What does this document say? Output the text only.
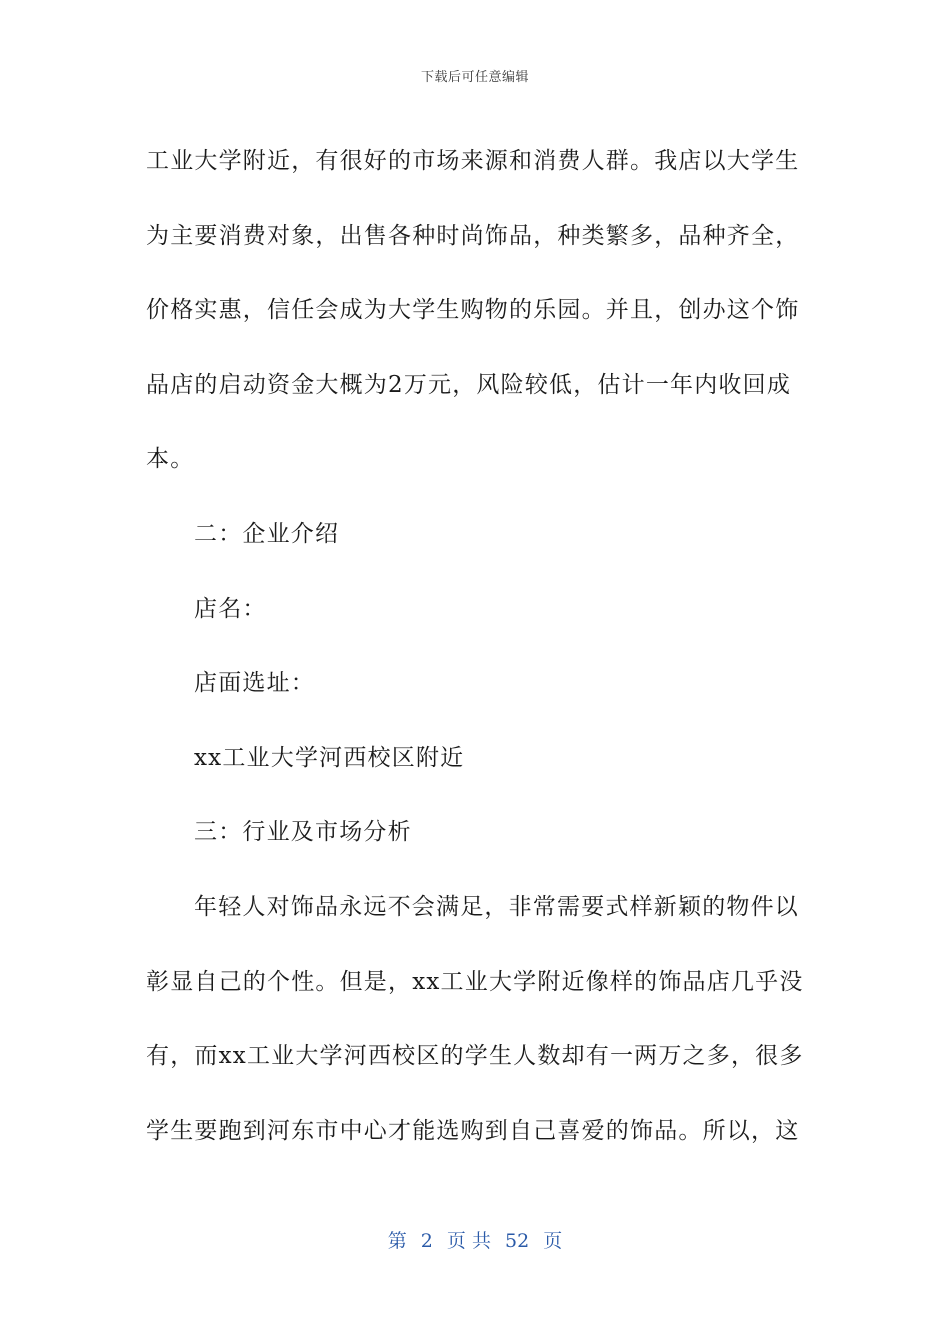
下载后可任意编辑
工业大学附近，有很好的市场来源和消费人群。我店以大学生
为主要消费对象，出售各种时尚饰品，种类繁多，品种齐全，
价格实惠，信任会成为大学生购物的乐园。并且，创办这个饰
品店的启动资金大概为2万元，风险较低，估计一年内收回成
本。
二：企业介绍
店名：
店面选址：
xx工业大学河西校区附近
三：行业及市场分析
年轻人对饰品永远不会满足，非常需要式样新颖的物件以
彰显自己的个性。但是，xx工业大学附近像样的饰品店几乎没
有，而xx工业大学河西校区的学生人数却有一两万之多，很多
学生要跑到河东市中心才能选购到自己喜爱的饰品。所以，这
第 2 页 共 52 页
